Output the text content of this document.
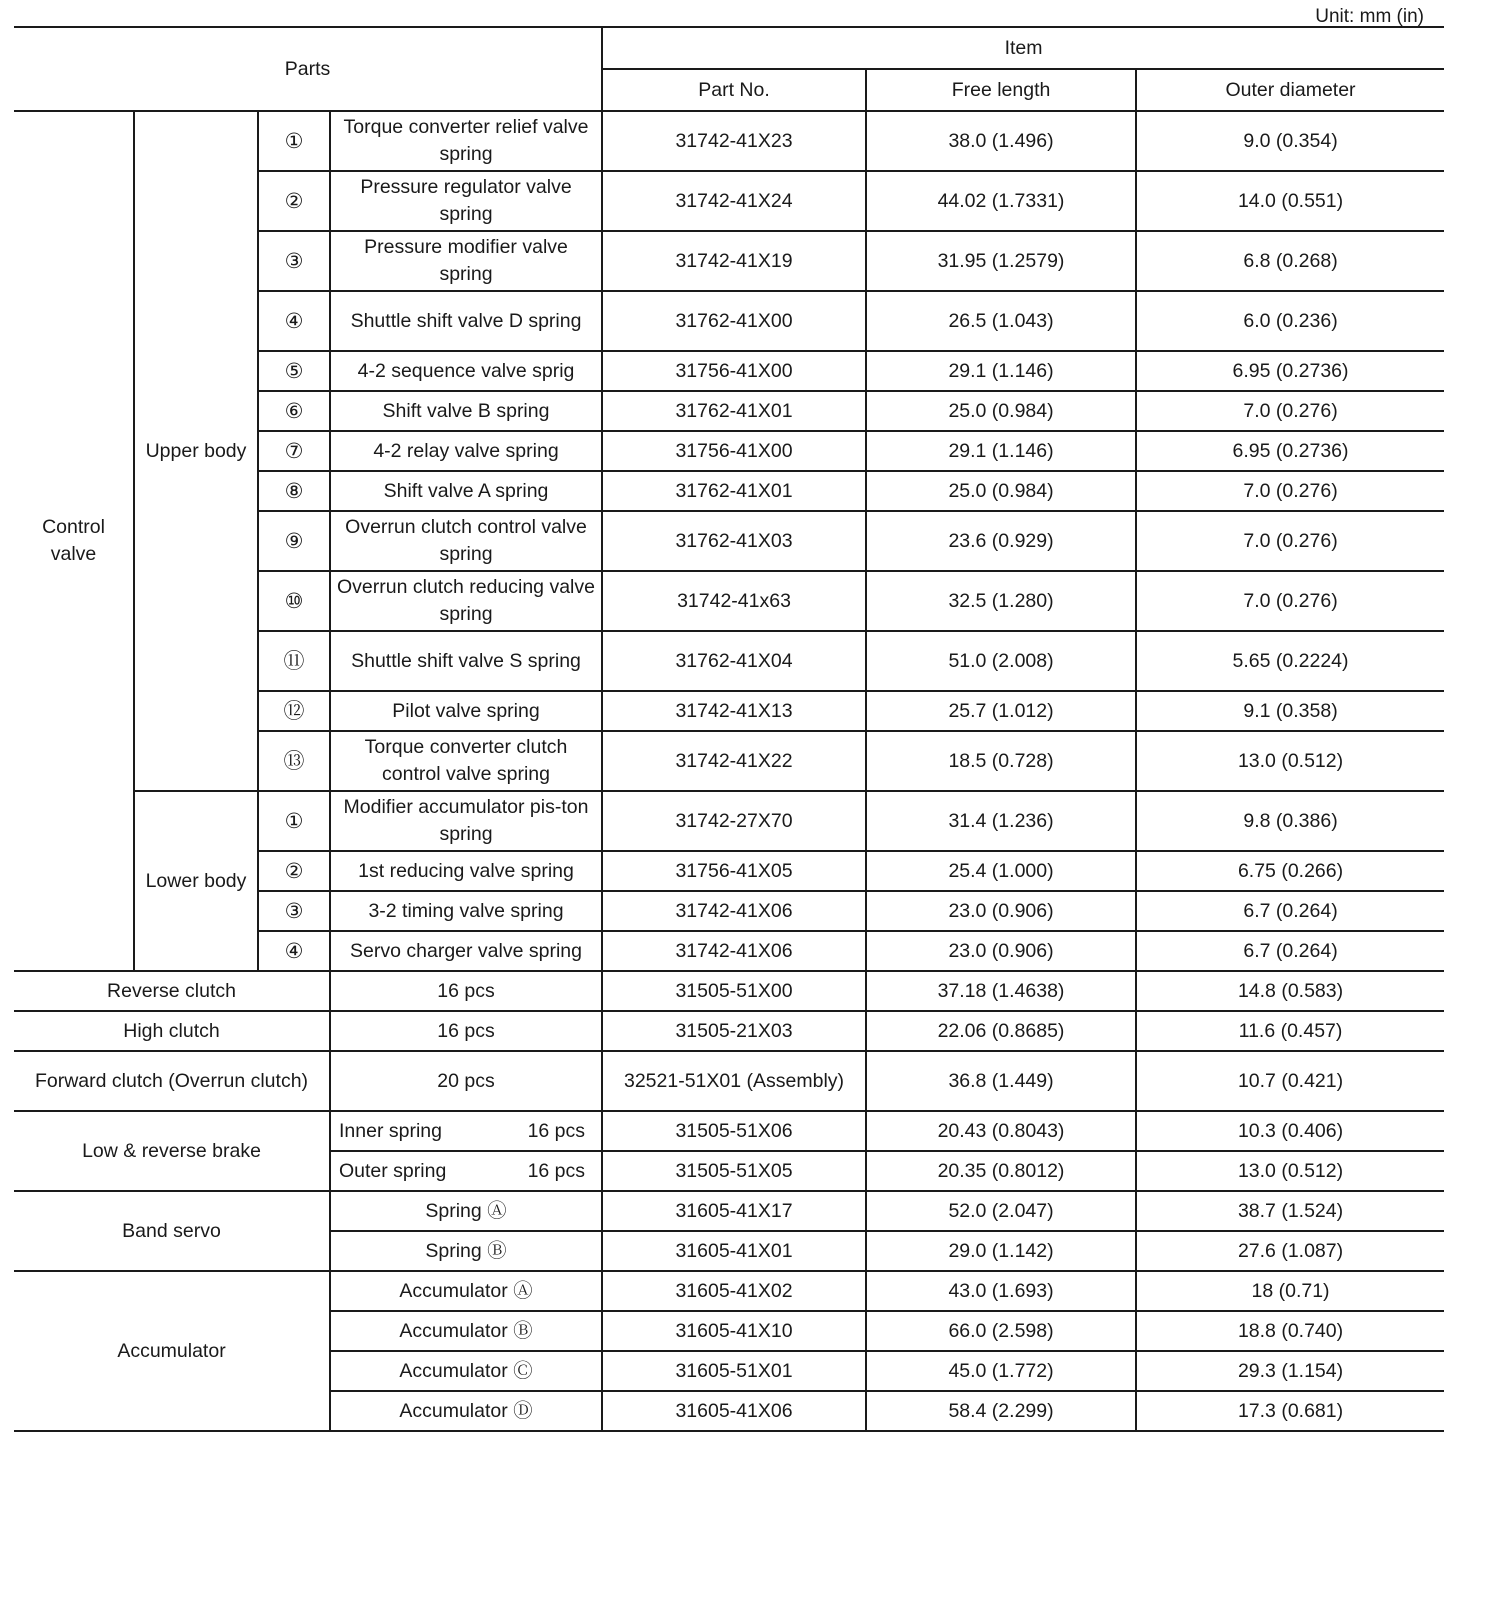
Unit: mm (in)
Parts				Item		
				Part No.	Free length	Outer diameter
Control valve	Upper body	①	Torque converter relief valve spring	31742-41X23	38.0 (1.496)	9.0 (0.354)
		②	Pressure regulator valve spring	31742-41X24	44.02 (1.7331)	14.0 (0.551)
		③	Pressure modifier valve spring	31742-41X19	31.95 (1.2579)	6.8 (0.268)
		④	Shuttle shift valve D spring	31762-41X00	26.5 (1.043)	6.0 (0.236)
		⑤	4-2 sequence valve sprig	31756-41X00	29.1 (1.146)	6.95 (0.2736)
		⑥	Shift valve B spring	31762-41X01	25.0 (0.984)	7.0 (0.276)
		⑦	4-2 relay valve spring	31756-41X00	29.1 (1.146)	6.95 (0.2736)
		⑧	Shift valve A spring	31762-41X01	25.0 (0.984)	7.0 (0.276)
		⑨	Overrun clutch control valve spring	31762-41X03	23.6 (0.929)	7.0 (0.276)
		⑩	Overrun clutch reducing valve spring	31742-41x63	32.5 (1.280)	7.0 (0.276)
		⑪	Shuttle shift valve S spring	31762-41X04	51.0 (2.008)	5.65 (0.2224)
		⑫	Pilot valve spring	31742-41X13	25.7 (1.012)	9.1 (0.358)
		⑬	Torque converter clutch control valve spring	31742-41X22	18.5 (0.728)	13.0 (0.512)
	Lower body	①	Modifier accumulator pis-ton spring	31742-27X70	31.4 (1.236)	9.8 (0.386)
		②	1st reducing valve spring	31756-41X05	25.4 (1.000)	6.75 (0.266)
		③	3-2 timing valve spring	31742-41X06	23.0 (0.906)	6.7 (0.264)
		④	Servo charger valve spring	31742-41X06	23.0 (0.906)	6.7 (0.264)
Reverse clutch			16 pcs	31505-51X00	37.18 (1.4638)	14.8 (0.583)
High clutch			16 pcs	31505-21X03	22.06 (0.8685)	11.6 (0.457)
Forward clutch (Overrun clutch)			20 pcs	32521-51X01 (Assembly)	36.8 (1.449)	10.7 (0.421)
Low & reverse brake			Inner spring 16 pcs	31505-51X06	20.43 (0.8043)	10.3 (0.406)

			Outer spring 16 pcs	31505-51X05	20.35 (0.8012)	13.0 (0.512)
Band servo			Spring Ⓐ	31605-41X17	52.0 (2.047)	38.7 (1.524)
			Spring Ⓑ	31605-41X01	29.0 (1.142)	27.6 (1.087)
Accumulator			Accumulator Ⓐ	31605-41X02	43.0 (1.693)	18 (0.71)
			Accumulator Ⓑ	31605-41X10	66.0 (2.598)	18.8 (0.740)
			Accumulator Ⓒ	31605-51X01	45.0 (1.772)	29.3 (1.154)
			Accumulator Ⓓ	31605-41X06	58.4 (2.299)	17.3 (0.681)
